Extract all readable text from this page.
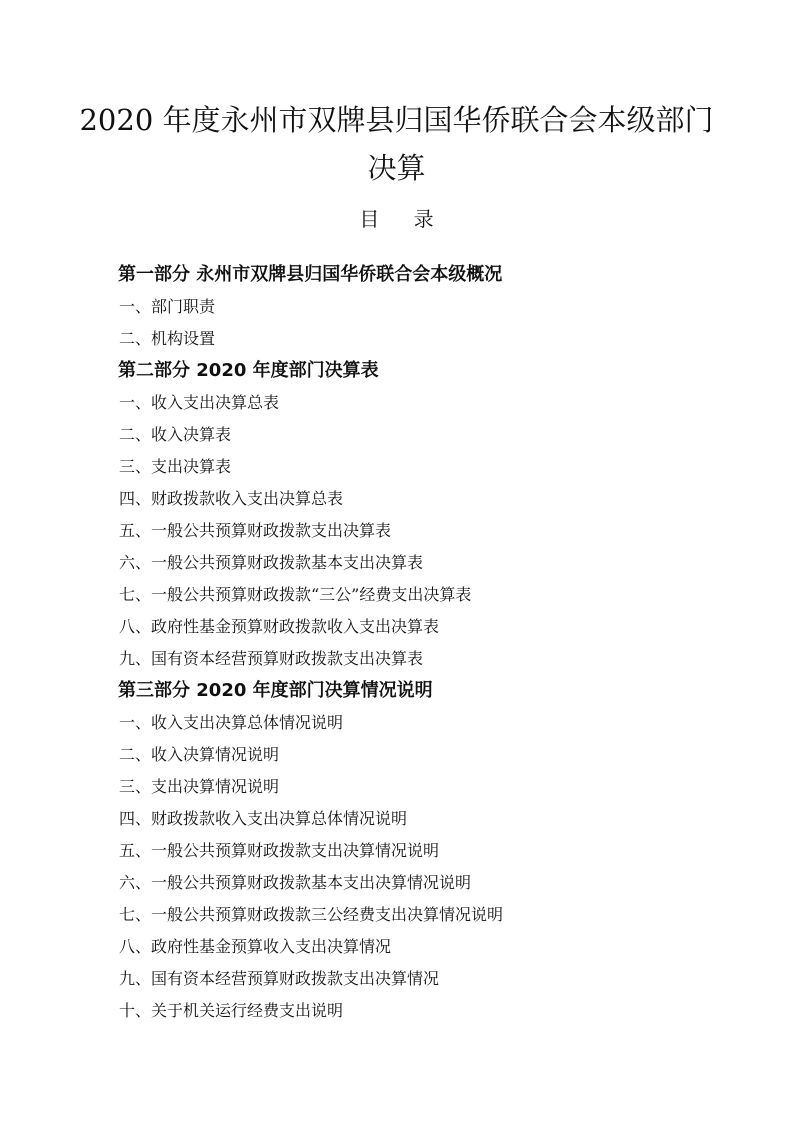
2020 年度永州市双牌县归国华侨联合会本级部门
决算
目 录
第一部分 永州市双牌县归国华侨联合会本级概况
一、部门职责
二、机构设置
第二部分 2020 年度部门决算表
一、收入支出决算总表
二、收入决算表
三、支出决算表
四、财政拨款收入支出决算总表
五、一般公共预算财政拨款支出决算表
六、一般公共预算财政拨款基本支出决算表
七、一般公共预算财政拨款“三公”经费支出决算表
八、政府性基金预算财政拨款收入支出决算表
九、国有资本经营预算财政拨款支出决算表
第三部分 2020 年度部门决算情况说明
一、收入支出决算总体情况说明
二、收入决算情况说明
三、支出决算情况说明
四、财政拨款收入支出决算总体情况说明
五、一般公共预算财政拨款支出决算情况说明
六、一般公共预算财政拨款基本支出决算情况说明
七、一般公共预算财政拨款三公经费支出决算情况说明
八、政府性基金预算收入支出决算情况
九、国有资本经营预算财政拨款支出决算情况
十、关于机关运行经费支出说明
